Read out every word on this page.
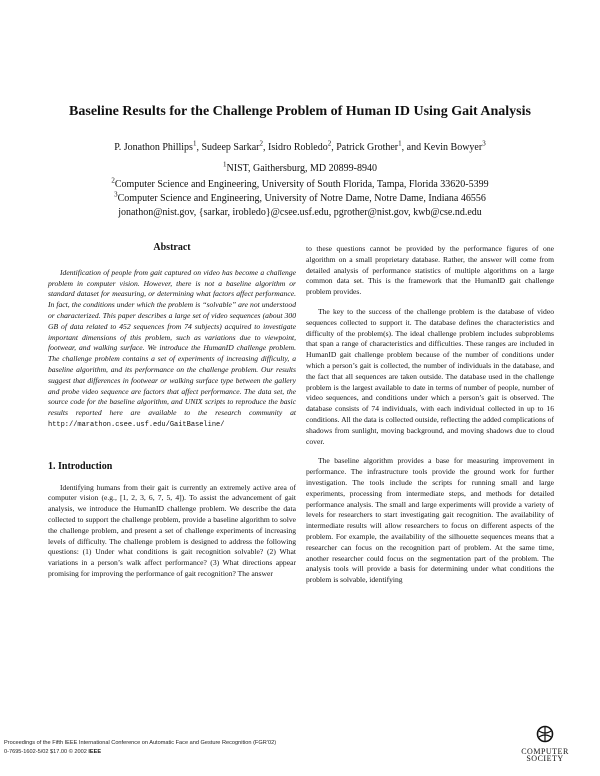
Baseline Results for the Challenge Problem of Human ID Using Gait Analysis
P. Jonathon Phillips$^1$, Sudeep Sarkar$^2$, Isidro Robledo$^2$, Patrick Grother$^1$, and Kevin Bowyer$^3$
$^1$NIST, Gaithersburg, MD 20899-8940
$^2$Computer Science and Engineering, University of South Florida, Tampa, Florida 33620-5399
$^3$Computer Science and Engineering, University of Notre Dame, Notre Dame, Indiana 46556
jonathon@nist.gov, {sarkar, irobledo}@csee.usf.edu, pgrother@nist.gov, kwb@cse.nd.edu
Abstract

Identification of people from gait captured on video has become a challenge problem in computer vision. However, there is not a baseline algorithm or standard dataset for measuring, or determining what factors affect performance. In fact, the conditions under which the problem is “solvable” are not understood or characterized. This paper describes a large set of video sequences (about 300 GB of data related to 452 sequences from 74 subjects) acquired to investigate important dimensions of this problem, such as variations due to viewpoint, footwear, and walking surface. We introduce the HumanID challenge problem. The challenge problem contains a set of experiments of increasing difficulty, a baseline algorithm, and its performance on the challenge problem. Our results suggest that differences in footwear or walking surface type between the gallery and probe video sequence are factors that affect performance. The data set, the source code for the baseline algorithm, and UNIX scripts to reproduce the basic results reported here are available to the research community at http://marathon.csee.usf.edu/GaitBaseline/

1. Introduction

Identifying humans from their gait is currently an extremely active area of computer vision (e.g., [1, 2, 3, 6, 7, 5, 4]). To assist the advancement of gait analysis, we introduce the HumanID challenge problem. We describe the data collected to support the challenge problem, provide a baseline algorithm to solve the challenge problem, and present a set of challenge experiments of increasing levels of difficulty. The challenge problem is designed to address the following questions: (1) Under what conditions is gait recognition solvable? (2) What variations in a person’s walk affect performance? (3) What directions appear promising for improving the performance of gait recognition? The answer

to these questions cannot be provided by the performance figures of one algorithm on a small proprietary database. Rather, the answer will come from detailed analysis of performance statistics of multiple algorithms on a large common data set. This is the framework that the HumanID gait challenge problem provides.

The key to the success of the challenge problem is the database of video sequences collected to support it. The database defines the characteristics and difficulty of the problem(s). The ideal challenge problem includes subproblems that span a range of characteristics and difficulties. These ranges are included in HumanID gait challenge problem because of the number of conditions under which a person’s gait is collected, the number of individuals in the database, and the fact that all sequences are taken outside. The database used in the challenge problem is the largest available to date in terms of number of people, number of video sequences, and conditions under which a person’s gait is observed. The database consists of 74 individuals, with each individual collected in up to 16 conditions. All the data is collected outside, reflecting the added complications of shadows from sunlight, moving background, and moving shadows due to cloud cover.

The baseline algorithm provides a base for measuring improvement in performance. The infrastructure tools provide the ground work for further investigation. The tools include the scripts for running small and large experiments, processing from intermediate steps, and methods for detailed performance analysis. The small and large experiments will provide a variety of levels for researchers to start investigating gait recognition. The availability of intermediate results will allow researchers to focus on different aspects of the problem. For example, the availability of the silhouette sequences means that a researcher can focus on the recognition part of problem. At the same time, another researcher could focus on the segmentation part of the problem. The analysis tools will provide a basis for determining under what conditions the problem is solvable, identifying

Proceedings of the Fifth IEEE International Conference on Automatic Face and Gesture Recognition (FGR’02)
0-7695-1602-5/02 $17.00 © 2002 IEEE	COMPUTER
SOCIETY
